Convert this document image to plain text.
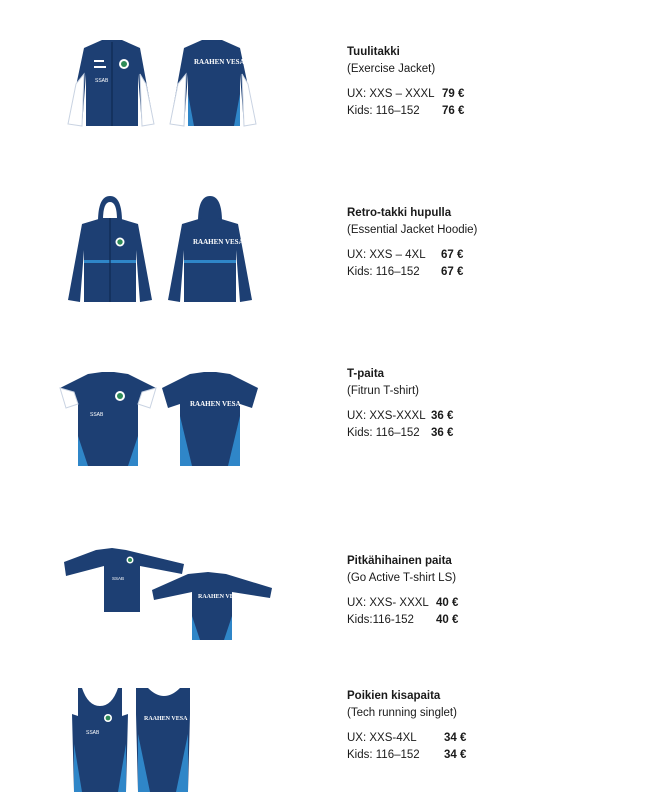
SSAB
RAAHEN VESA
Tuulitakki
(Exercise Jacket)
UX: XXS – XXXL 79 €
Kids: 116–152	76 €
RAAHEN VESA
Retro-takki hupulla
(Essential Jacket Hoodie)
UX: XXS – 4XL	67 €
Kids: 116–152	67 €
SSAB
RAAHEN VESA
T-paita
(Fitrun T-shirt)
UX: XXS-XXXL 36 €
Kids: 116–152 36 €
SSAB
RAAHEN VESA
Pitkähihainen paita
(Go Active T-shirt LS)
UX: XXS- XXXL 40 €
Kids:116-152	40 €
SSAB
RAAHEN VESA
Poikien kisapaita
(Tech running singlet)
UX: XXS-4XL	34 €
Kids: 116–152	34 €
